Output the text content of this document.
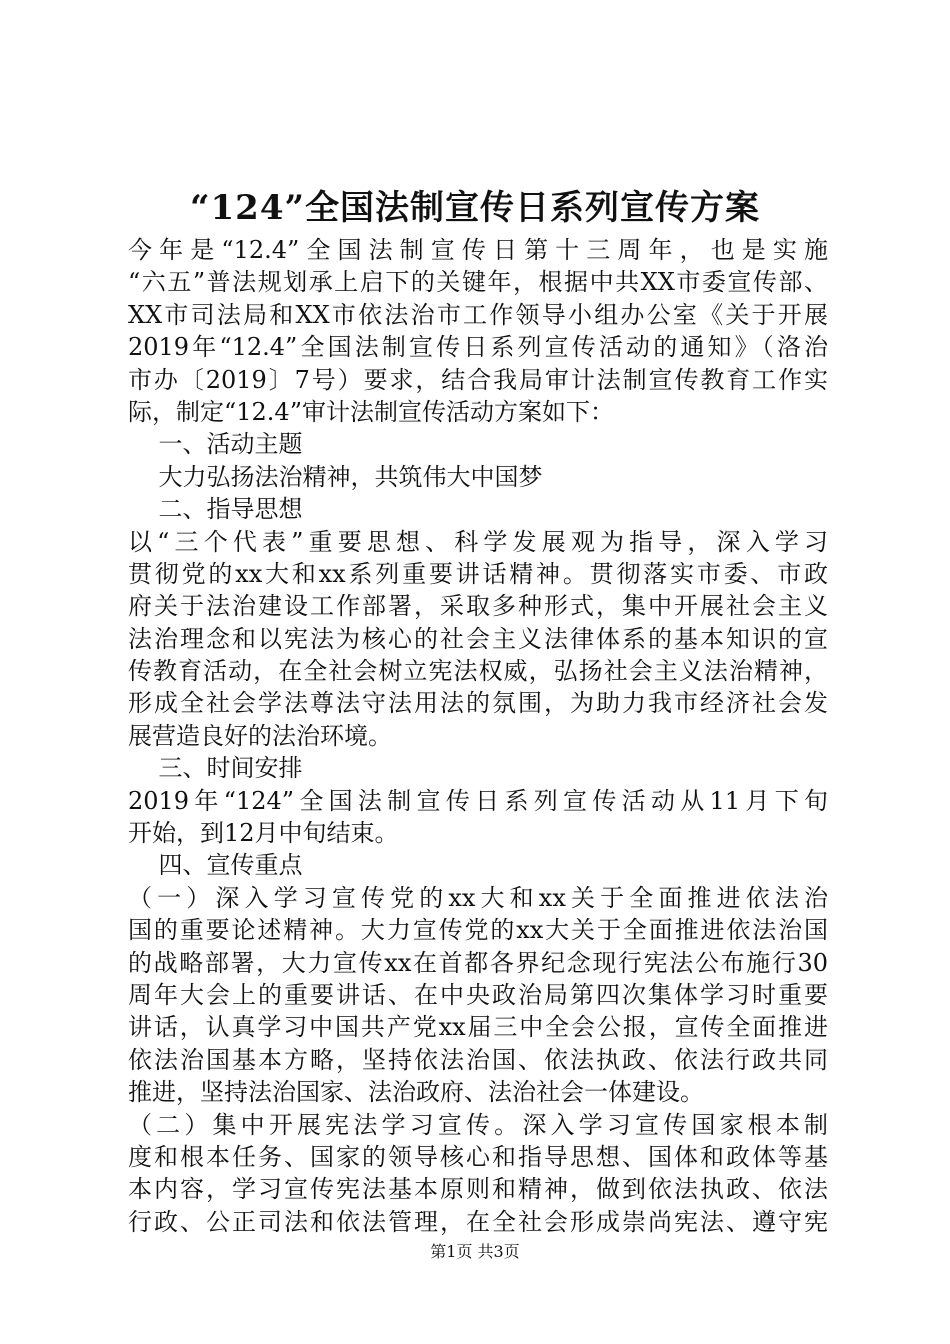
“124”全国法制宣传日系列宣传方案
今年是“12.4”全国法制宣传日第十三周年，也是实施
“六五”普法规划承上启下的关键年，根据中共XX市委宣传部、
XX市司法局和XX市依法治市工作领导小组办公室《关于开展
2019年“12.4”全国法制宣传日系列宣传活动的通知》（洛治
市办〔2019〕7号）要求，结合我局审计法制宣传教育工作实
际，制定“12.4”审计法制宣传活动方案如下：
一、活动主题
大力弘扬法治精神，共筑伟大中国梦
二、指导思想
以“三个代表”重要思想、科学发展观为指导，深入学习
贯彻党的xx大和xx系列重要讲话精神。贯彻落实市委、市政
府关于法治建设工作部署，采取多种形式，集中开展社会主义
法治理念和以宪法为核心的社会主义法律体系的基本知识的宣
传教育活动，在全社会树立宪法权威，弘扬社会主义法治精神，
形成全社会学法尊法守法用法的氛围，为助力我市经济社会发
展营造良好的法治环境。
三、时间安排
2019年“124”全国法制宣传日系列宣传活动从11月下旬
开始，到12月中旬结束。
四、宣传重点
（一）深入学习宣传党的xx大和xx关于全面推进依法治
国的重要论述精神。大力宣传党的xx大关于全面推进依法治国
的战略部署，大力宣传xx在首都各界纪念现行宪法公布施行30
周年大会上的重要讲话、在中央政治局第四次集体学习时重要
讲话，认真学习中国共产党xx届三中全会公报，宣传全面推进
依法治国基本方略，坚持依法治国、依法执政、依法行政共同
推进，坚持法治国家、法治政府、法治社会一体建设。
（二）集中开展宪法学习宣传。深入学习宣传国家根本制
度和根本任务、国家的领导核心和指导思想、国体和政体等基
本内容，学习宣传宪法基本原则和精神，做到依法执政、依法
行政、公正司法和依法管理，在全社会形成崇尚宪法、遵守宪
第1页 共3页
